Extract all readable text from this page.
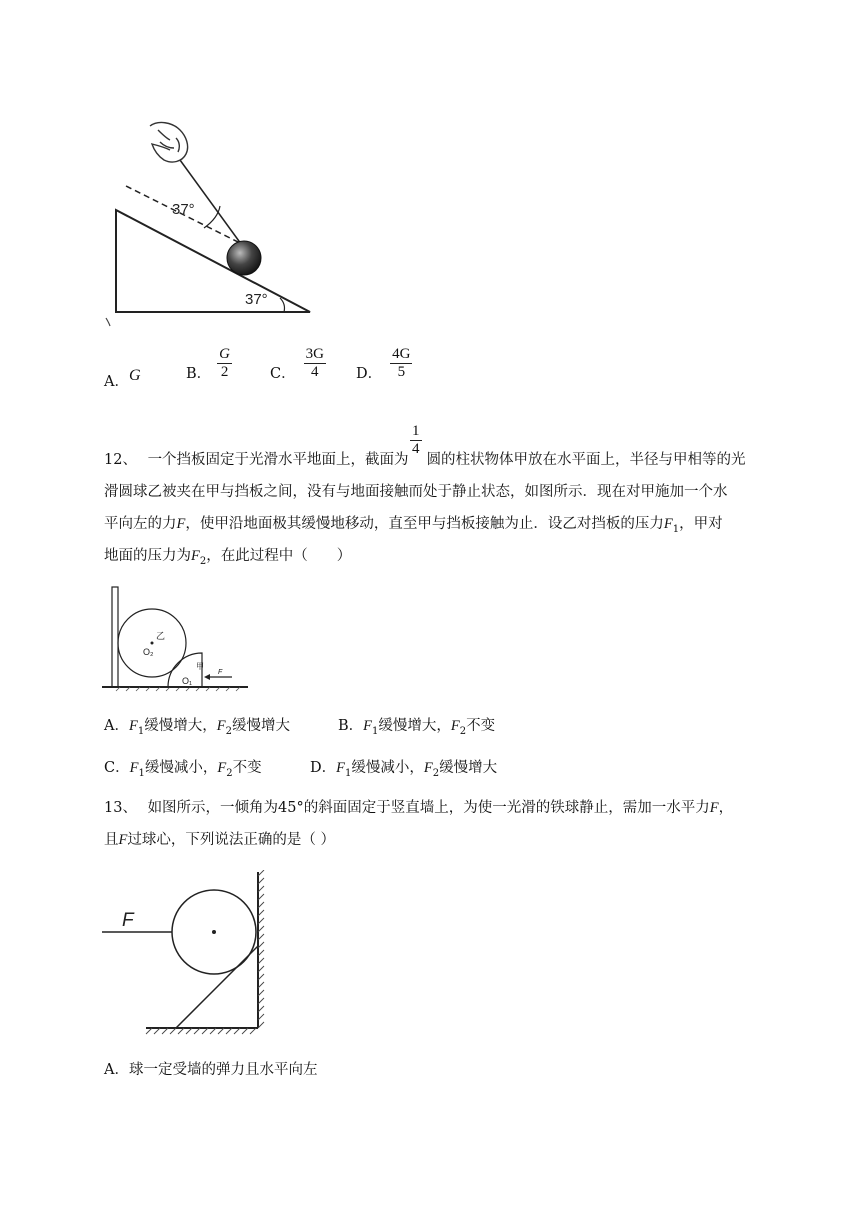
37°
37°
A．G	B． $\frac{G}{2}$	C． $\frac{3G}{4}$ D． $\frac{4G}{5}$
$\frac{1}{4}$
12、 一个挡板固定于光滑水平地面上，截面为 圆的柱状物体甲放在水平面上，半径与甲相等的光
滑圆球乙被夹在甲与挡板之间，没有与地面接触而处于静止状态，如图所示．现在对甲施加一个水
平向左的力F，使甲沿地面极其缓慢地移动，直至甲与挡板接触为止．设乙对挡板的压力$F_1$，甲对
地面的压力为$F_2$，在此过程中（　　）
乙
O₂
甲
O₁
F
A．$F_1$缓慢增大，$F_2$缓慢增大	B．$F_1$缓慢增大，$F_2$不变
C．$F_1$缓慢减小，$F_2$不变	D．$F_1$缓慢减小，$F_2$缓慢增大
13、 如图所示，一倾角为45°的斜面固定于竖直墙上，为使一光滑的铁球静止，需加一水平力F，
且F过球心，下列说法正确的是（ ）
F
A．球一定受墙的弹力且水平向左
